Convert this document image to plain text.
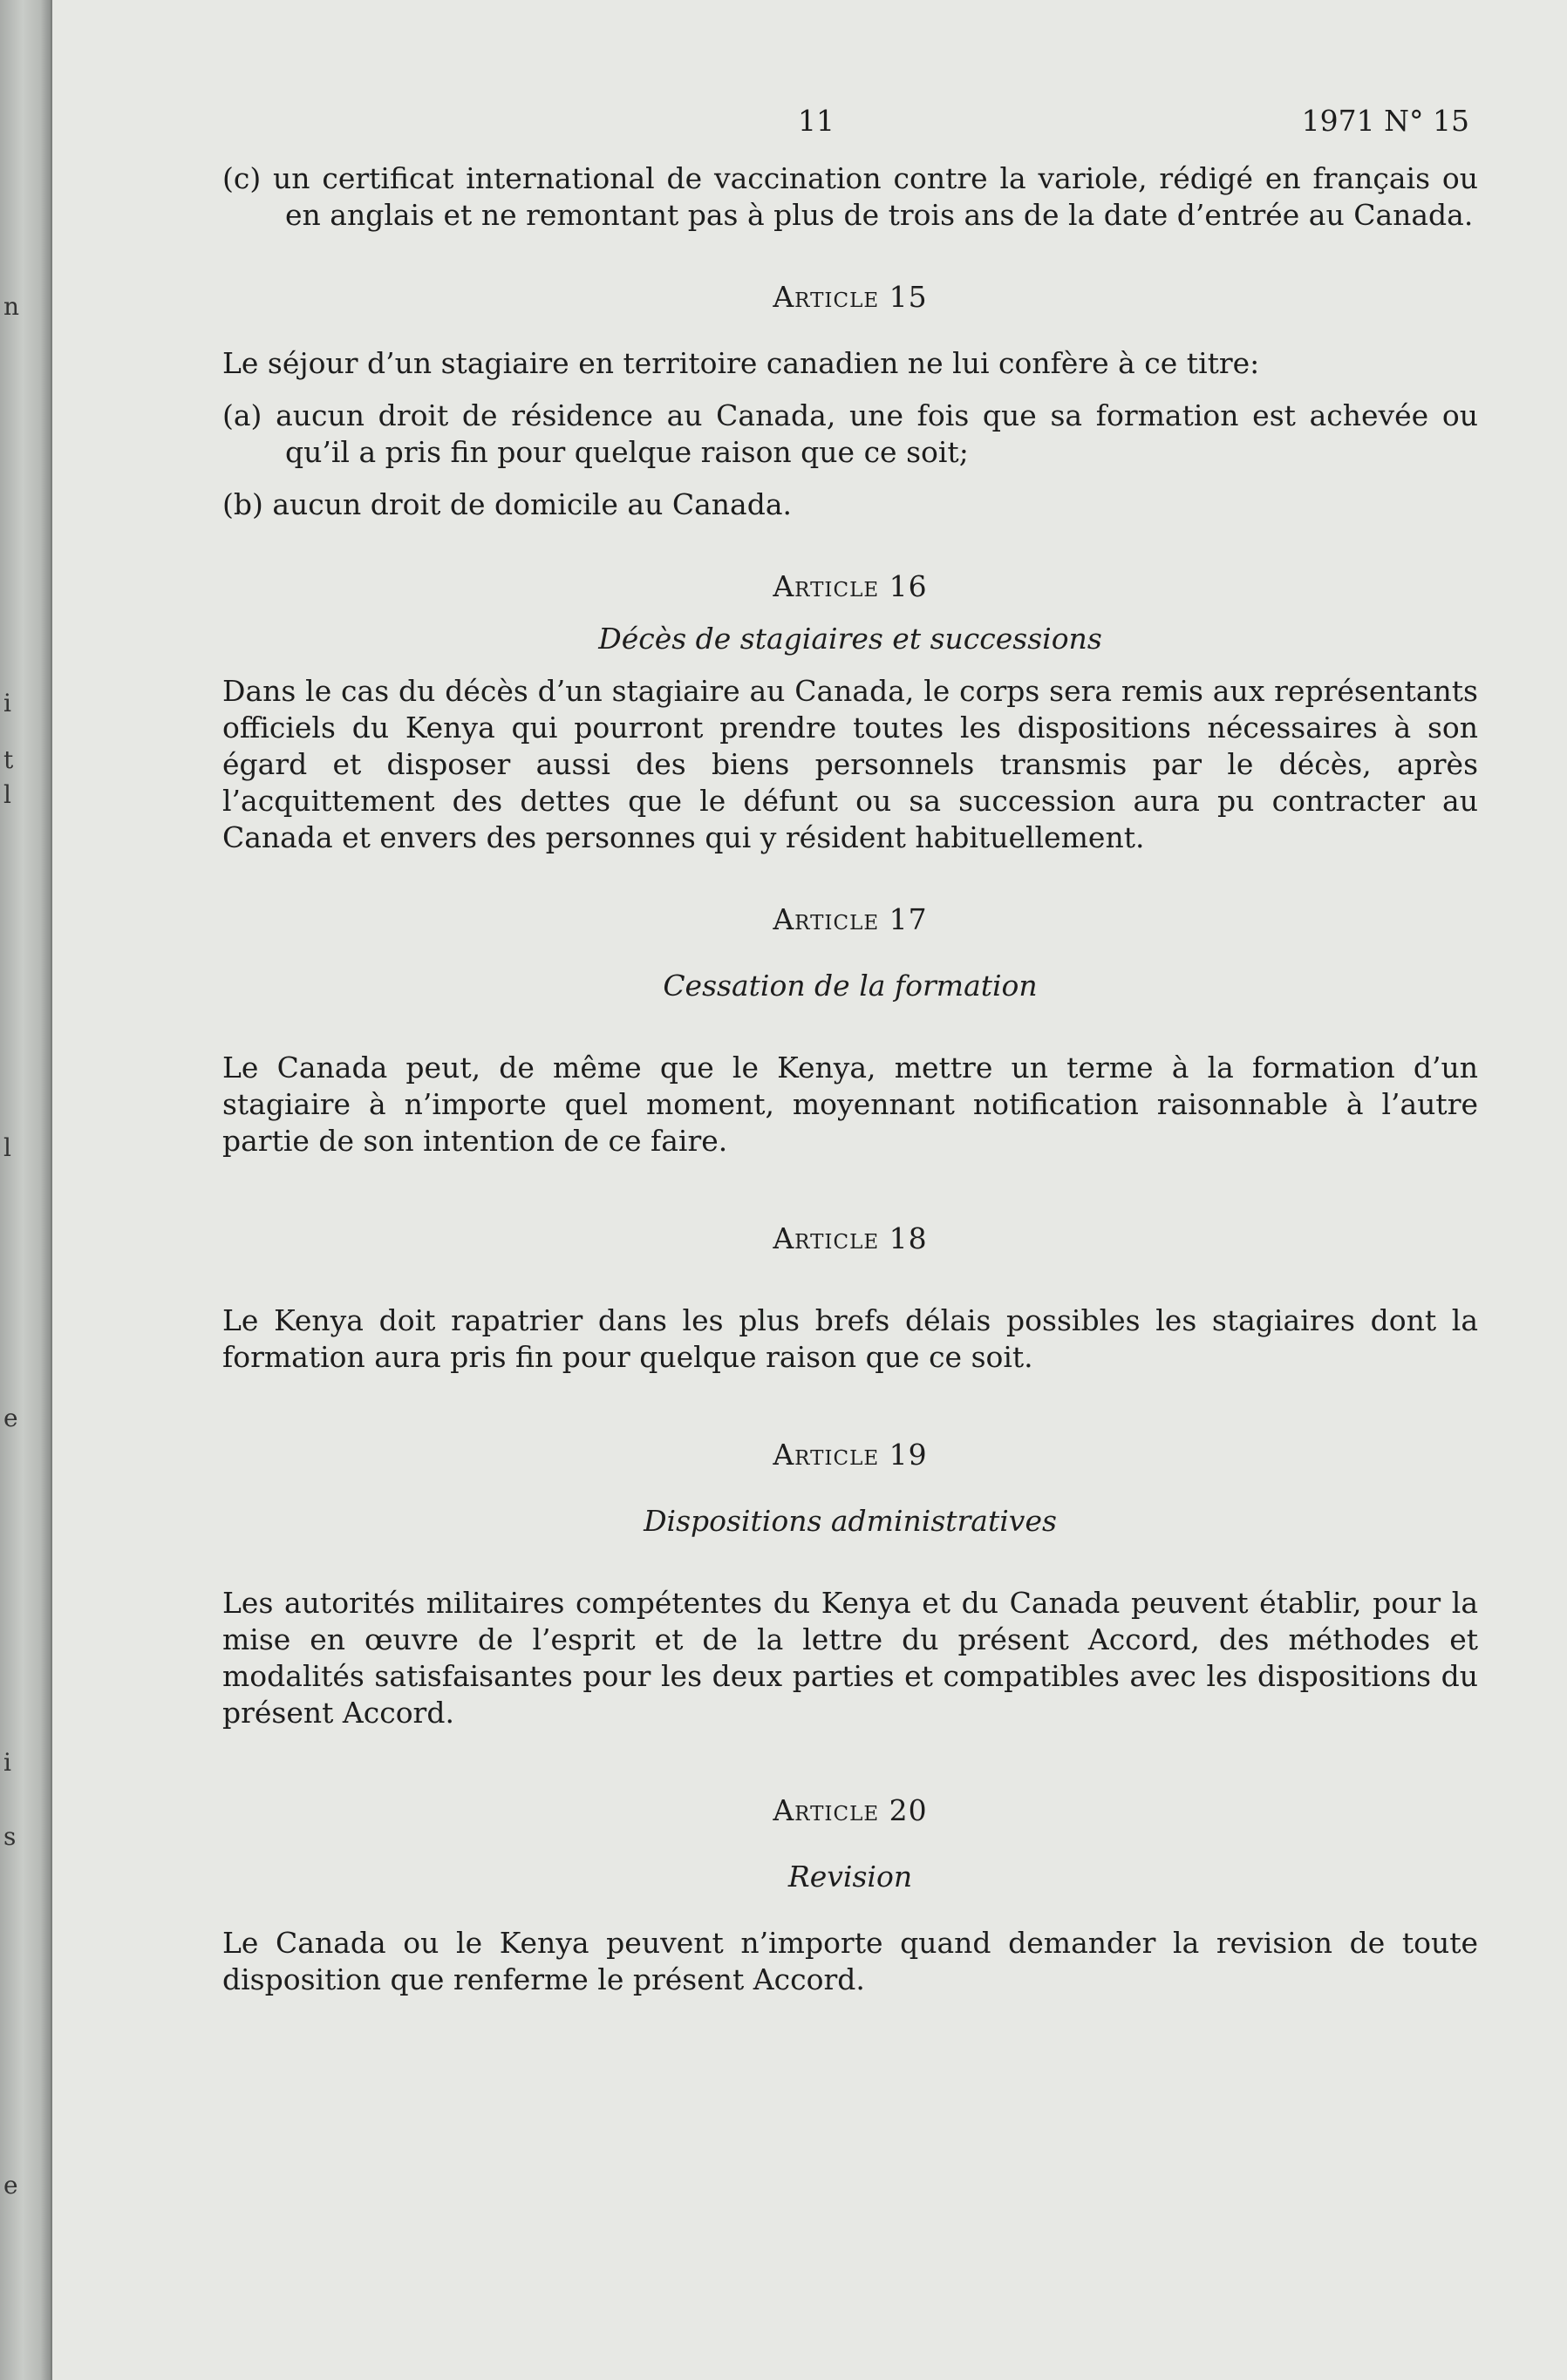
n
i
t
l
l
e
i
s
e
11	1971 N° 15

(c) un certificat international de vaccination contre la variole, rédigé en français ou en anglais et ne remontant pas à plus de trois ans de la date d’entrée au Canada.

Article 15

Le séjour d’un stagiaire en territoire canadien ne lui confère à ce titre:

(a) aucun droit de résidence au Canada, une fois que sa formation est achevée ou qu’il a pris fin pour quelque raison que ce soit;

(b) aucun droit de domicile au Canada.

Article 16

Décès de stagiaires et successions

Dans le cas du décès d’un stagiaire au Canada, le corps sera remis aux représentants officiels du Kenya qui pourront prendre toutes les dispositions nécessaires à son égard et disposer aussi des biens personnels transmis par le décès, après l’acquittement des dettes que le défunt ou sa succession aura pu contracter au Canada et envers des personnes qui y résident habituellement.

Article 17

Cessation de la formation

Le Canada peut, de même que le Kenya, mettre un terme à la formation d’un stagiaire à n’importe quel moment, moyennant notification raisonnable à l’autre partie de son intention de ce faire.

Article 18

Le Kenya doit rapatrier dans les plus brefs délais possibles les stagiaires dont la formation aura pris fin pour quelque raison que ce soit.

Article 19

Dispositions administratives

Les autorités militaires compétentes du Kenya et du Canada peuvent établir, pour la mise en œuvre de l’esprit et de la lettre du présent Accord, des méthodes et modalités satisfaisantes pour les deux parties et compatibles avec les dispositions du présent Accord.

Article 20

Revision

Le Canada ou le Kenya peuvent n’importe quand demander la revision de toute disposition que renferme le présent Accord.
